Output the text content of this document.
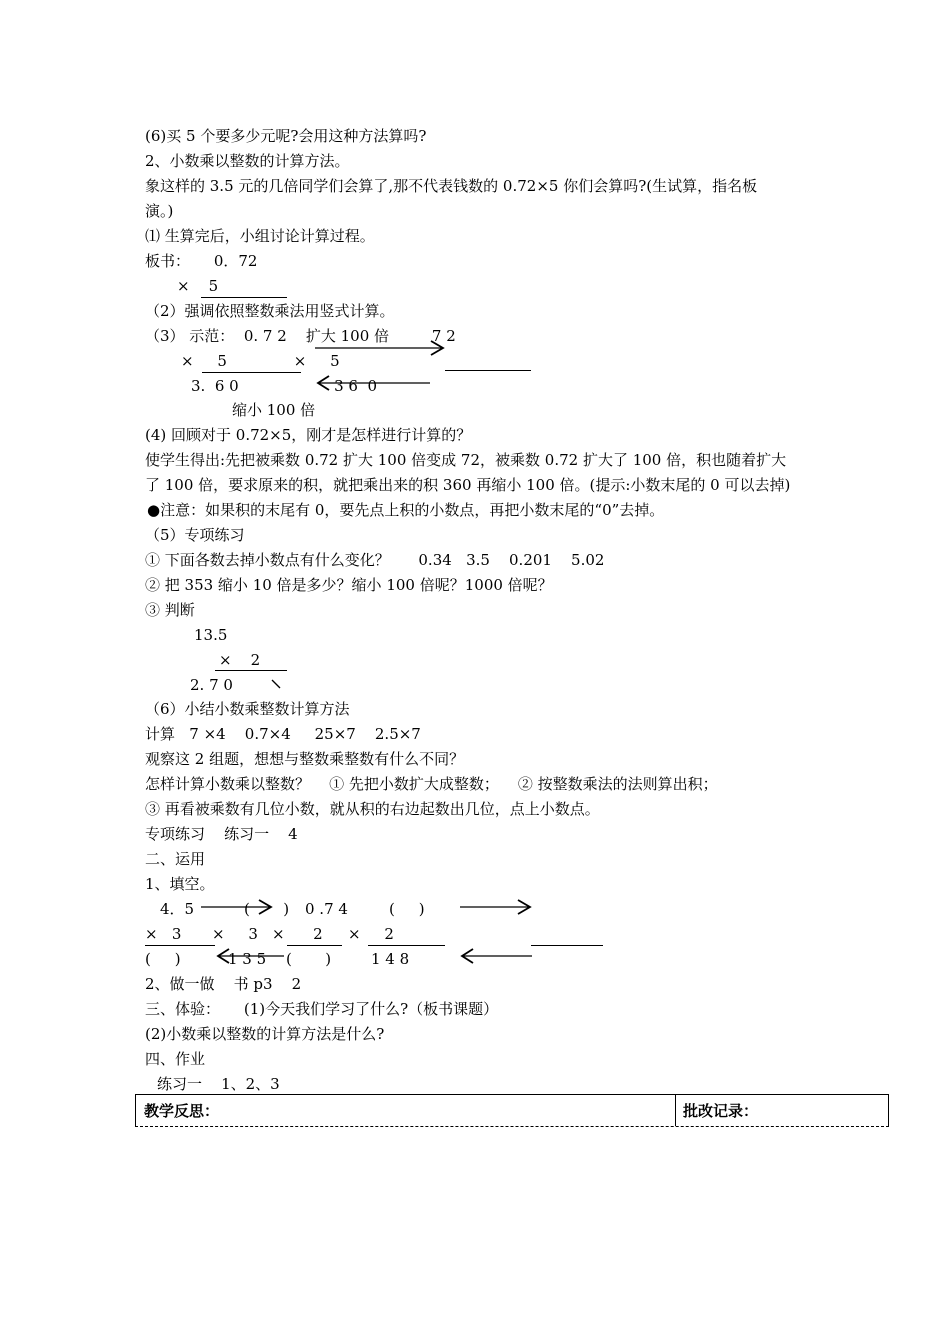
(6)买 5 个要多少元呢?会用这种方法算吗?
2、小数乘以整数的计算方法。
象这样的 3.5 元的几倍同学们会算了,那不代表钱数的 0.72×5 你们会算吗?(生试算，指名板
演。)
⑴ 生算完后，小组讨论计算过程。
板书：     0．72
×    5
（2）强调依照整数乘法用竖式计算。
（3） 示范：  0. 7 2    扩大 100 倍         7 2
×     5              ×     5
3.  6 0                    3 6  0
缩小 100 倍
(4) 回顾对于 0.72×5，刚才是怎样进行计算的？
使学生得出:先把被乘数 0.72 扩大 100 倍变成 72，被乘数 0.72 扩大了 100 倍，积也随着扩大
了 100 倍，要求原来的积，就把乘出来的积 360 再缩小 100 倍。(提示:小数末尾的 0 可以去掉)
●注意：如果积的末尾有 0，要先点上积的小数点，再把小数末尾的“0”去掉。
（5）专项练习
① 下面各数去掉小数点有什么变化？      0.34   3.5    0.201    5.02
② 把 353 缩小 10 倍是多少？缩小 100 倍呢？1000 倍呢？
③ 判断
13.5
×    2
2. 7 0
（6）小结小数乘整数计算方法
计算   7 ×4    0.7×4     25×7    2.5×7
观察这 2 组题，想想与整数乘整数有什么不同？
怎样计算小数乘以整数？    ① 先把小数扩大成整数；    ② 按整数乘法的法则算出积；
③ 再看被乘数有几位小数，就从积的右边起数出几位，点上小数点。
专项练习    练习一    4
二、运用
1、填空。
4．5	(       ) 0 .7 4	(     )
×   3 ×     3 ×      2 ×     2
(     )	1 3 5 (       )	1 4 8
2、做一做    书 p3    2
三、体验：     (1)今天我们学习了什么?（板书课题）
(2)小数乘以整数的计算方法是什么?
四、作业
练习一    1、2、3
教学反思：	批改记录：
